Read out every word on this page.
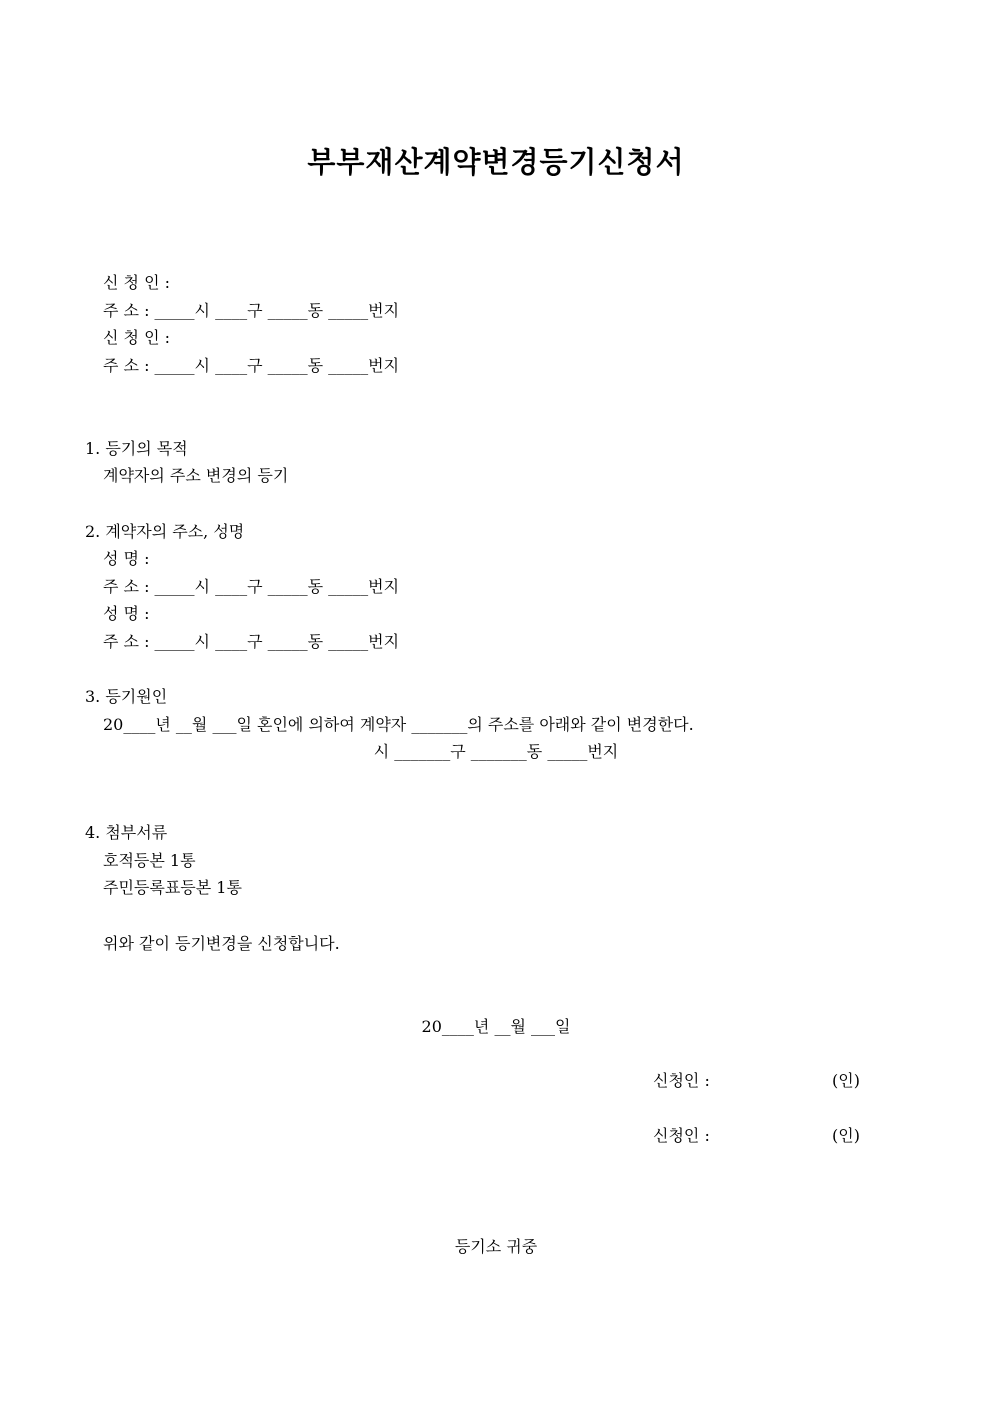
부부재산계약변경등기신청서
신 청 인 :
주 소 : _____시 ____구 _____동 _____번지
신 청 인 :
주 소 : _____시 ____구 _____동 _____번지
1. 등기의 목적
계약자의 주소 변경의 등기
2. 계약자의 주소, 성명
성 명 :
주 소 : _____시 ____구 _____동 _____번지
성 명 :
주 소 : _____시 ____구 _____동 _____번지
3. 등기원인
20____년 __월 ___일 혼인에 의하여 계약자 _______의 주소를 아래와 같이 변경한다.
시 _______구 _______동 _____번지
4. 첨부서류
호적등본 1통
주민등록표등본 1통
위와 같이 등기변경을 신청합니다.
20____년 __월 ___일
신청인 :	(인)
신청인 :	(인)
등기소 귀중
